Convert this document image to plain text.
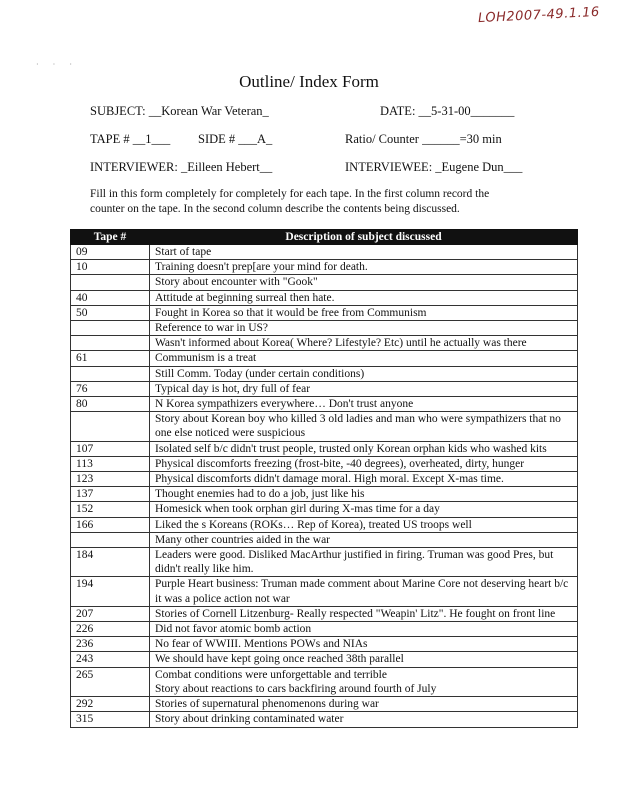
LOH2007-49.1.16
· · ·
Outline/ Index Form
SUBJECT: __Korean War Veteran_	DATE: __5-31-00_______
TAPE # __1___ SIDE # ___A_	Ratio/ Counter ______=30 min
INTERVIEWER: _Eilleen Hebert__	INTERVIEWEE: _Eugene Dun___
Fill in this form completely for completely for each tape. In the first column record the counter on the tape. In the second column describe the contents being discussed.
Tape #	Description of subject discussed
09	Start of tape
10	Training doesn't prep[are your mind for death.
	Story about encounter with "Gook"
40	Attitude at beginning surreal then hate.
50	Fought in Korea so that it would be free from Communism
	Reference to war in US?
	Wasn't informed about Korea( Where? Lifestyle? Etc) until he actually was there
61	Communism is a treat
	Still Comm. Today (under certain conditions)
76	Typical day is hot, dry full of fear
80	N Korea sympathizers everywhere… Don't trust anyone
	Story about Korean boy who killed 3 old ladies and man who were sympathizers that no one else noticed were suspicious
107	Isolated self b/c didn't trust people, trusted only Korean orphan kids who washed kits
113	Physical discomforts freezing (frost-bite, -40 degrees), overheated, dirty, hunger
123	Physical discomforts didn't damage moral. High moral. Except X-mas time.
137	Thought enemies had to do a job, just like his
152	Homesick when took orphan girl during X-mas time for a day
166	Liked the s Koreans (ROKs… Rep of Korea), treated US troops well
	Many other countries aided in the war
184	Leaders were good. Disliked MacArthur justified in firing. Truman was good Pres, but didn't really like him.
194	Purple Heart business: Truman made comment about Marine Core not deserving heart b/c it was a police action not war
207	Stories of Cornell Litzenburg- Really respected "Weapin' Litz". He fought on front line
226	Did not favor atomic bomb action
236	No fear of WWIII. Mentions POWs and NIAs
243	We should have kept going once reached 38th parallel
265	Combat conditions were unforgettable and terrible
Story about reactions to cars backfiring around fourth of July
292	Stories of supernatural phenomenons during war
315	Story about drinking contaminated water
